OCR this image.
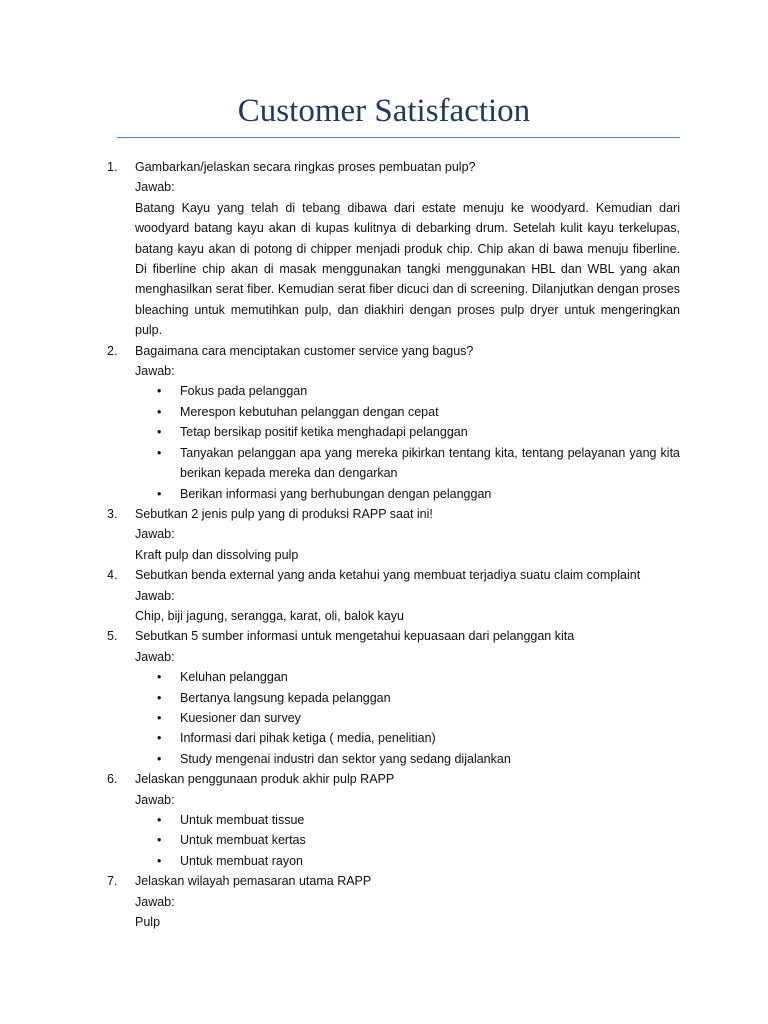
Customer Satisfaction
1.	Gambarkan/jelaskan secara ringkas proses pembuatan pulp?
Jawab:
Batang Kayu yang telah di tebang dibawa dari estate menuju ke woodyard. Kemudian dari woodyard batang kayu akan di kupas kulitnya di debarking drum. Setelah kulit kayu terkelupas, batang kayu akan di potong di chipper menjadi produk chip. Chip akan di bawa menuju fiberline. Di fiberline chip akan di masak menggunakan tangki menggunakan HBL dan WBL yang akan menghasilkan serat fiber. Kemudian serat fiber dicuci dan di screening. Dilanjutkan dengan proses bleaching untuk memutihkan pulp, dan diakhiri dengan proses pulp dryer untuk mengeringkan pulp.
2.	Bagaimana cara menciptakan customer service yang bagus?
Jawab:
•	Fokus pada pelanggan
•	Merespon kebutuhan pelanggan dengan cepat
•	Tetap bersikap positif ketika menghadapi pelanggan
•	Tanyakan pelanggan apa yang mereka pikirkan tentang kita, tentang pelayanan yang kita berikan kepada mereka dan dengarkan
•	Berikan informasi yang berhubungan dengan pelanggan
3.	Sebutkan 2 jenis pulp yang di produksi RAPP saat ini!
Jawab:
Kraft pulp dan dissolving pulp
4.	Sebutkan benda external yang anda ketahui yang membuat terjadiya suatu claim complaint
Jawab:
Chip, biji jagung, serangga, karat, oli, balok kayu
5.	Sebutkan 5 sumber informasi untuk mengetahui kepuasaan dari pelanggan kita
Jawab:
•	Keluhan pelanggan
•	Bertanya langsung kepada pelanggan
•	Kuesioner dan survey
•	Informasi dari pihak ketiga ( media, penelitian)
•	Study mengenai industri dan sektor yang sedang dijalankan
6.	Jelaskan penggunaan produk akhir pulp RAPP
Jawab:
•	Untuk membuat tissue
•	Untuk membuat kertas
•	Untuk membuat rayon
7.	Jelaskan wilayah pemasaran utama RAPP
Jawab:
Pulp
